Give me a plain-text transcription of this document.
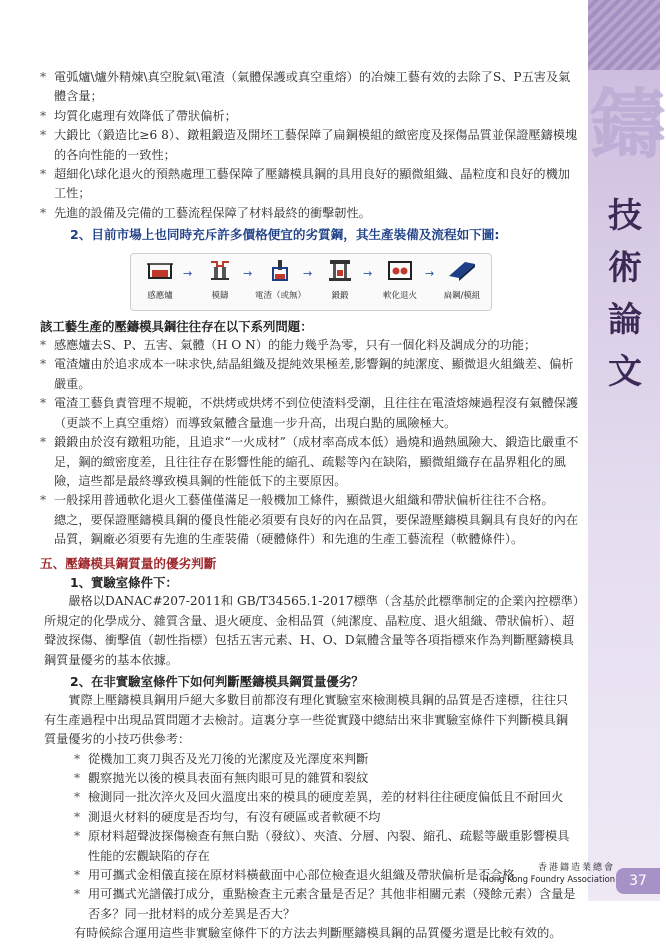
鑄
技
術
論
文

* 電弧爐\爐外精煉\真空脫氣\電渣（氣體保護或真空重熔）的冶煉工藝有效的去除了S、P五害及氣體含量；

* 均質化處理有效降低了帶狀偏析；

* 大鍛比（鍛造比≥6 8）、鐓粗鍛造及開坯工藝保障了扁鋼模組的緻密度及探傷品質並保證壓鑄模塊的各向性能的一致性；

* 超細化\球化退火的預熱處理工藝保障了壓鑄模具鋼的具用良好的顯微組織、晶粒度和良好的機加工性；

* 先進的設備及完備的工藝流程保障了材料最終的衝擊韌性。

2、目前市場上也同時充斥許多價格便宜的劣質鋼，其生產裝備及流程如下圖:

感應爐
→
模鑄
→
電渣（或無）
→
鍛鍛
→
軟化退火
→
扁鋼/模組

該工藝生產的壓鑄模具鋼往往存在以下系列問題：

* 感應爐去S、P、五害、氣體（H O N）的能力幾乎為零，只有一個化料及調成分的功能；

* 電渣爐由於追求成本一味求快,結晶組織及提純效果極差,影響鋼的純潔度、顯微退火組織差、偏析嚴重。

* 電渣工藝負責管理不規範，不烘烤或烘烤不到位使渣料受潮，且往往在電渣熔煉過程沒有氣體保護（更談不上真空重熔）而導致氣體含量進一步升高，出現白點的風險極大。

* 鍛鍛由於沒有鐓粗功能，且追求“一火成材”（成材率高成本低）過燒和過熱風險大、鍛造比嚴重不足，鋼的緻密度差，且往往存在影響性能的縮孔、疏鬆等內在缺陷，顯微組織存在晶界粗化的風險，這些都是最終導致模具鋼的性能低下的主要原因。

* 一般採用普通軟化退火工藝僅僅滿足一般機加工條件，顯微退火組織和帶狀偏析往往不合格。

總之，要保證壓鑄模具鋼的優良性能必須要有良好的內在品質，要保證壓鑄模具鋼具有良好的內在品質，鋼廠必須要有先進的生產裝備（硬體條件）和先進的生產工藝流程（軟體條件）。

五、壓鑄模具鋼質量的優劣判斷

1、實驗室條件下：

嚴格以DANAC#207-2011和 GB/T34565.1-2017標準（含基於此標準制定的企業內控標準）所規定的化學成分、雜質含量、退火硬度、金相品質（純潔度、晶粒度、退火組織、帶狀偏析）、超聲波探傷、衝擊值（韌性指標）包括五害元素、H、O、D氣體含量等各項指標來作為判斷壓鑄模具鋼質量優劣的基本依據。

2、在非實驗室條件下如何判斷壓鑄模具鋼質量優劣？

實際上壓鑄模具鋼用戶絕大多數目前都沒有理化實驗室來檢測模具鋼的品質是否達標，往往只有生產過程中出現品質問題才去檢討。這裏分享一些從實踐中總結出來非實驗室條件下判斷模具鋼質量優劣的小技巧供參考：

* 從機加工爽刀與否及光刀後的光潔度及光澤度來判斷

* 觀察拋光以後的模具表面有無肉眼可見的雜質和裂紋

* 檢測同一批次淬火及回火溫度出來的模具的硬度差異，差的材料往往硬度偏低且不耐回火

* 測退火材料的硬度是否均勻，有沒有硬區或者軟硬不均

* 原材料超聲波探傷檢查有無白點（發紋）、夾渣、分層、內裂、縮孔、疏鬆等嚴重影響模具性能的宏觀缺陷的存在

* 用可攜式金相儀直接在原材料橫截面中心部位檢查退火組織及帶狀偏析是否合格

* 用可攜式光譜儀打成分，重點檢查主元素含量是否足？其他非相關元素（殘餘元素）含量是否多？同一批材料的成分差異是否大？

有時候綜合運用這些非實驗室條件下的方法去判斷壓鑄模具鋼的品質優劣還是比較有效的。

香港鑄造業總會
Hong Kong Foundry Association	37
